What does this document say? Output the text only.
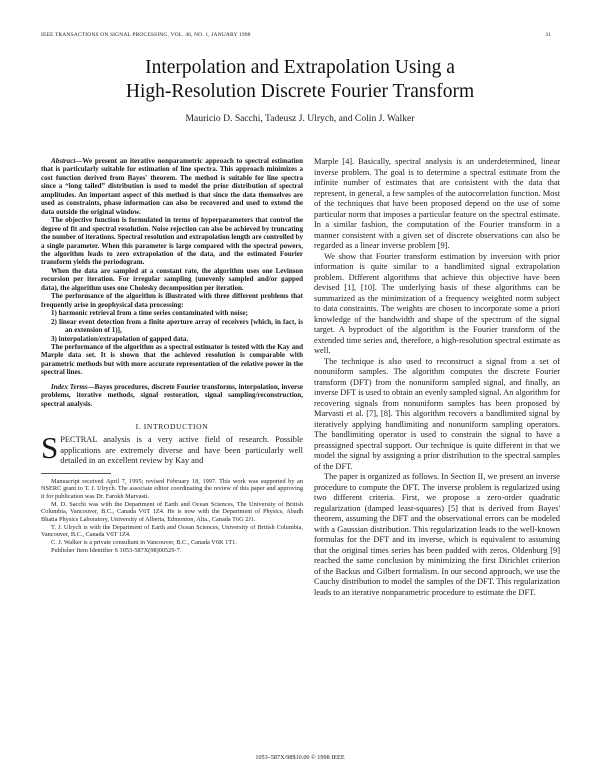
IEEE TRANSACTIONS ON SIGNAL PROCESSING, VOL. 46, NO. 1, JANUARY 1998	31
Interpolation and Extrapolation Using a
High-Resolution Discrete Fourier Transform
Mauricio D. Sacchi, Tadeusz J. Ulrych, and Colin J. Walker

Abstract—We present an iterative nonparametric approach to spectral estimation that is particularly suitable for estimation of line spectra. This approach minimizes a cost function derived from Bayes' theorem. The method is suitable for line spectra since a “long tailed” distribution is used to model the prior distribution of spectral amplitudes. An important aspect of this method is that since the data themselves are used as constraints, phase information can also be recovered and used to extend the data outside the original window.

The objective function is formulated in terms of hyperparameters that control the degree of fit and spectral resolution. Noise rejection can also be achieved by truncating the number of iterations. Spectral resolution and extrapolation length are controlled by a single parameter. When this parameter is large compared with the spectral powers, the algorithm leads to zero extrapolation of the data, and the estimated Fourier transform yields the periodogram.

When the data are sampled at a constant rate, the algorithm uses one Levinson recursion per iteration. For irregular sampling (unevenly sampled and/or gapped data), the algorithm uses one Cholesky decomposition per iteration.

The performance of the algorithm is illustrated with three different problems that frequently arise in geophysical data processing:

1) harmonic retrieval from a time series contaminated with noise;
2) linear event detection from a finite aperture array of receivers [which, in fact, is an extension of 1)],
3) interpolation/extrapolation of gapped data.

The performance of the algorithm as a spectral estimator is tested with the Kay and Marple data set. It is shown that the achieved resolution is comparable with parametric methods but with more accurate representation of the relative power in the spectral lines.

Index Terms—Bayes procedures, discrete Fourier transforms, interpolation, inverse problems, iterative methods, signal restoration, signal sampling/reconstruction, spectral analysis.

I. INTRODUCTION

SPECTRAL analysis is a very active field of research. Possible applications are extremely diverse and have been particularly well detailed in an excellent review by Kay and

Manuscript received April 7, 1995; revised February 18, 1997. This work was supported by an NSERC grant to T. J. Ulrych. The associate editor coordinating the review of this paper and approving it for publication was Dr. Farokh Marvasti.

M. D. Sacchi was with the Department of Earth and Ocean Sciences, The University of British Columbia, Vancouver, B.C., Canada V6T 1Z4. He is now with the Department of Physics, Abadh Bhatia Physics Laboratory, University of Alberta, Edmonton, Alta., Canada T6G 2J1.

T. J. Ulrych is with the Department of Earth and Ocean Sciences, University of British Columbia, Vancouver, B.C., Canada V6T 1Z4.

C. J. Walker is a private consultant in Vancouver, B.C., Canada V6K 1T1.

Publisher Item Identifier S 1053-587X(98)00529-7.

Marple [4]. Basically, spectral analysis is an underdetermined, linear inverse problem. The goal is to determine a spectral estimate from the infinite number of estimates that are consistent with the data that represent, in general, a few samples of the autocorrelation function. Most of the techniques that have been proposed depend on the use of some particular norm that imposes a particular feature on the spectral estimate. In a similar fashion, the computation of the Fourier transform in a manner consistent with a given set of discrete observations can also be regarded as a linear inverse problem [9].

We show that Fourier transform estimation by inversion with prior information is quite similar to a bandlimited signal extrapolation problem. Different algorithms that achieve this objective have been devised [1], [10]. The underlying basis of these algorithms can be summarized as the minimization of a frequency weighted norm subject to data constraints. The weights are chosen to incorporate some a priori knowledge of the bandwidth and shape of the spectrum of the signal target. A byproduct of the algorithm is the Fourier transform of the extended time series and, therefore, a high-resolution spectral estimate as well.

The technique is also used to reconstruct a signal from a set of nonuniform samples. The algorithm computes the discrete Fourier transform (DFT) from the nonuniform sampled signal, and finally, an inverse DFT is used to obtain an evenly sampled signal. An algorithm for recovering signals from nonuniform samples has been proposed by Marvasti et al. [7], [8]. This algorithm recovers a bandlimited signal by iteratively applying bandlimiting and nonuniform sampling operators. The bandlimiting operator is used to constrain the signal to have a preassigned spectral support. Our technique is quite different in that we model the signal by assigning a prior distribution to the spectral samples of the DFT.

The paper is organized as follows. In Section II, we present an inverse procedure to compute the DFT. The inverse problem is regularized using two different criteria. First, we propose a zero-order quadratic regularization (damped least-squares) [5] that is derived from Bayes' theorem, assuming the DFT and the observational errors can be modeled with a Gaussian distribution. This regularization leads to the well-known formulas for the DFT and its inverse, which is equivalent to assuming that the original times series has been padded with zeros. Oldenburg [9] reached the same conclusion by minimizing the first Dirichlet criterion of the Backus and Gilbert formalism. In our second approach, we use the Cauchy distribution to model the samples of the DFT. This regularization leads to an iterative nonparametric procedure to estimate the DFT.

1053–587X/98$10.00 © 1998 IEEE
